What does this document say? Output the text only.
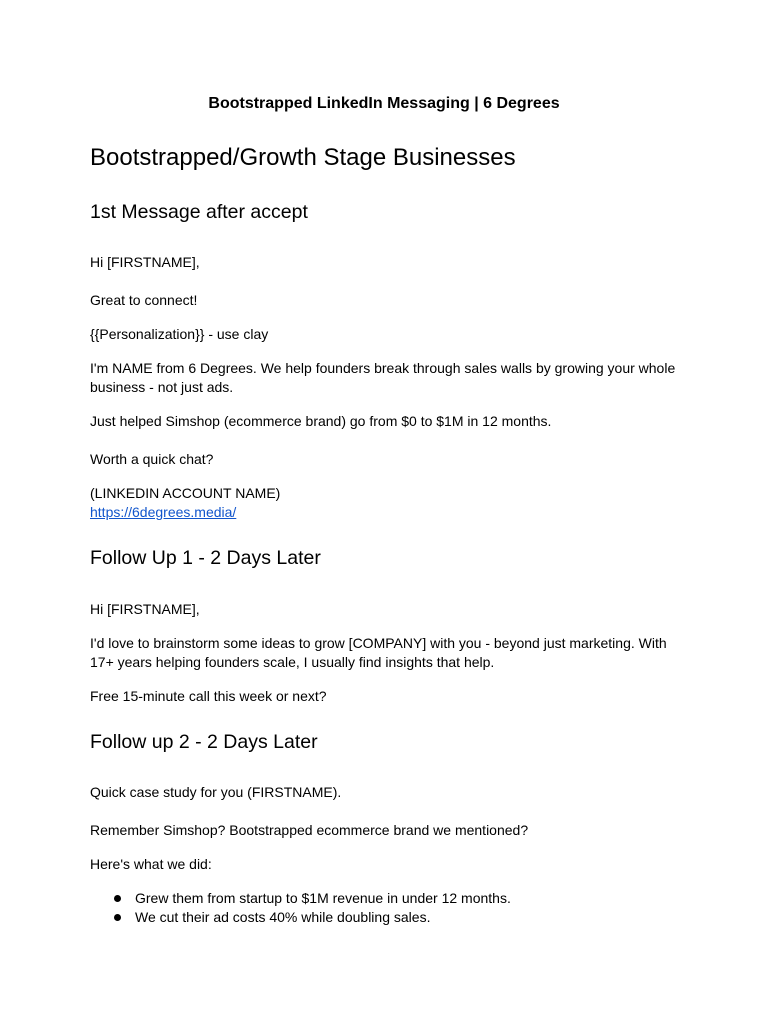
Bootstrapped LinkedIn Messaging | 6 Degrees
Bootstrapped/Growth Stage Businesses
1st Message after accept
Hi [FIRSTNAME],
Great to connect!
{{Personalization}} - use clay
I'm NAME from 6 Degrees. We help founders break through sales walls by growing your whole business - not just ads.
Just helped Simshop (ecommerce brand) go from $0 to $1M in 12 months.
Worth a quick chat?
(LINKEDIN ACCOUNT NAME)
https://6degrees.media/
Follow Up 1 - 2 Days Later
Hi [FIRSTNAME],
I'd love to brainstorm some ideas to grow [COMPANY] with you - beyond just marketing. With 17+ years helping founders scale, I usually find insights that help.
Free 15-minute call this week or next?
Follow up 2 - 2 Days Later
Quick case study for you (FIRSTNAME).
Remember Simshop? Bootstrapped ecommerce brand we mentioned?
Here's what we did:
Grew them from startup to $1M revenue in under 12 months.
We cut their ad costs 40% while doubling sales.
